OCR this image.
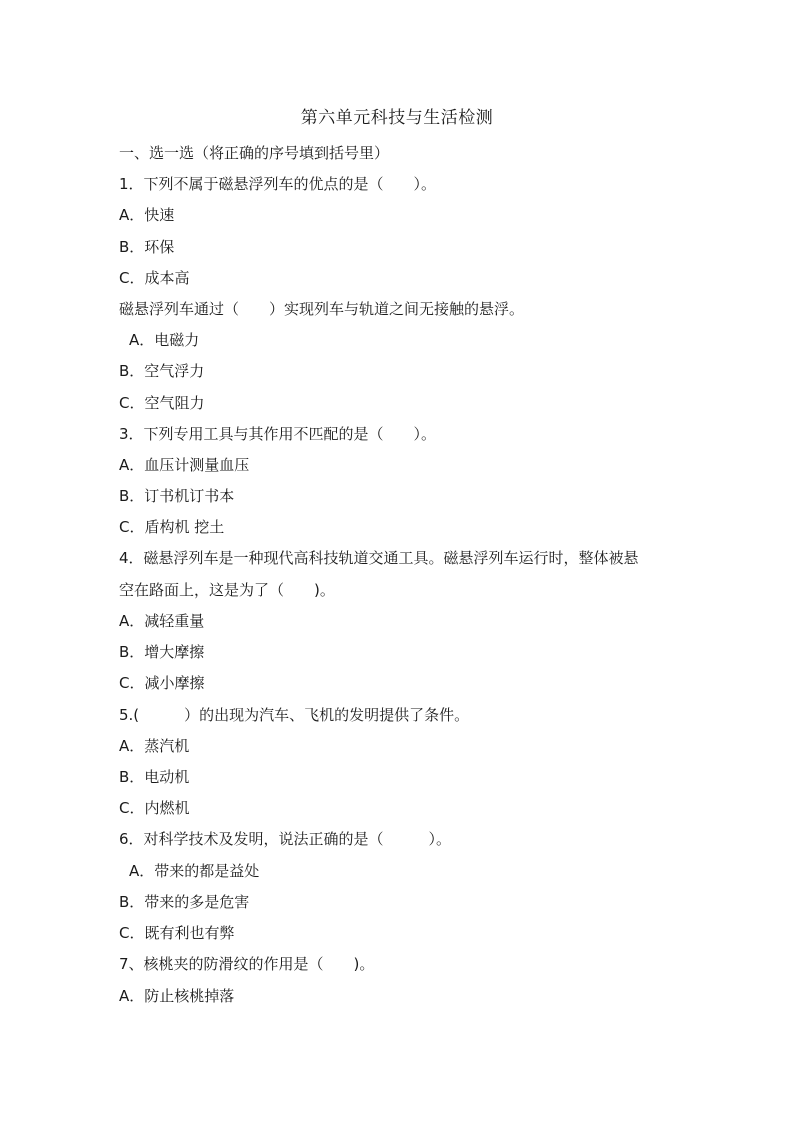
第六单元科技与生活检测
一、选一选（将正确的序号填到括号里）
1．下列不属于磁悬浮列车的优点的是（　　）。
A．快速
B．环保
C．成本高
磁悬浮列车通过（　　）实现列车与轨道之间无接触的悬浮。
A．电磁力
B．空气浮力
C．空气阻力
3．下列专用工具与其作用不匹配的是（　　）。
A．血压计测量血压
B．订书机订书本
C．盾构机 挖土
4．磁悬浮列车是一种现代高科技轨道交通工具。磁悬浮列车运行时，整体被悬
空在路面上，这是为了（　　)。
A．减轻重量
B．增大摩擦
C．减小摩擦
5.(　　　）的出现为汽车、飞机的发明提供了条件。
A．蒸汽机
B．电动机
C．内燃机
6．对科学技术及发明，说法正确的是（　　　）。
A．带来的都是益处
B．带来的多是危害
C．既有利也有弊
7、核桃夹的防滑纹的作用是（　　)。
A．防止核桃掉落
